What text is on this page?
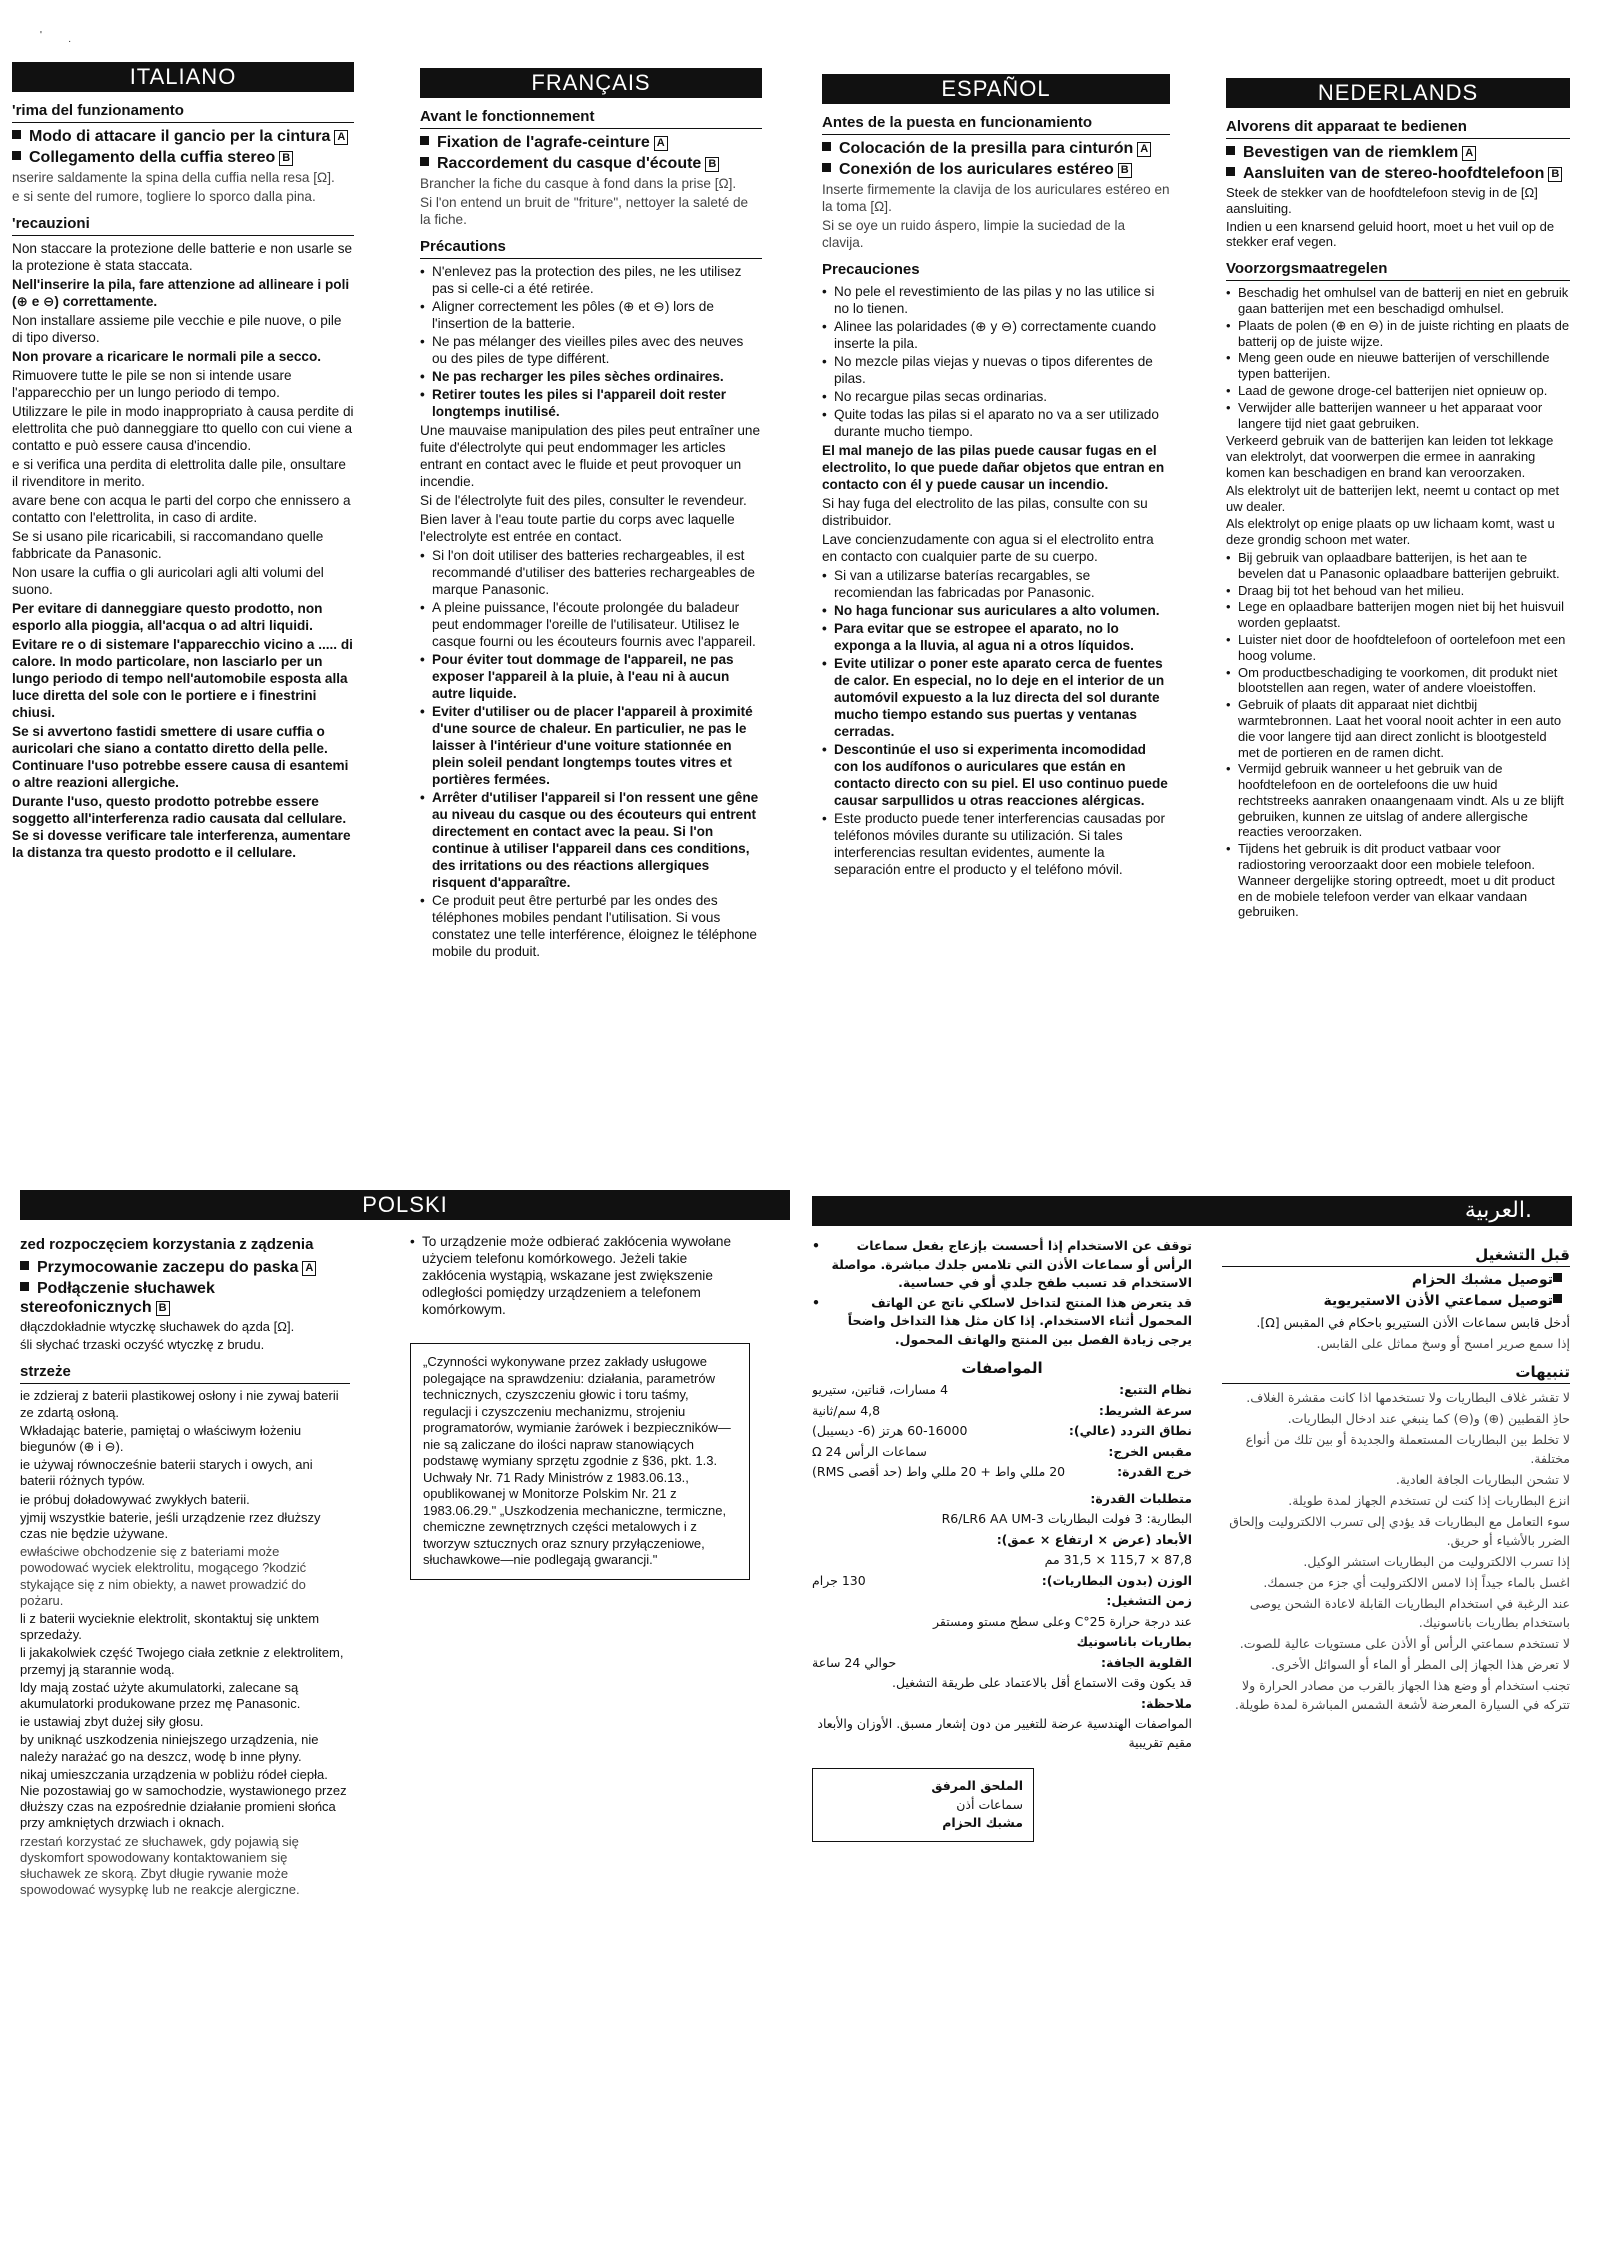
'
·
ITALIANO
'rima del funzionamento
Modo di attacare il gancio per la cintura A
Collegamento della cuffia stereo B
nserire saldamente la spina della cuffia nella resa [Ω].
e si sente del rumore, togliere lo sporco dalla pina.
'recauzioni
Non staccare la protezione delle batterie e non usarle se la protezione è stata staccata.
Nell'inserire la pila, fare attenzione ad allineare i poli (⊕ e ⊖) correttamente.
Non installare assieme pile vecchie e pile nuove, o pile di tipo diverso.
Non provare a ricaricare le normali pile a secco.
Rimuovere tutte le pile se non si intende usare l'apparecchio per un lungo periodo di tempo.
Utilizzare le pile in modo inappropriato à causa perdite di elettrolita che può danneggiare tto quello con cui viene a contatto e può essere causa d'incendio.
e si verifica una perdita di elettrolita dalle pile, onsultare il rivenditore in merito.
avare bene con acqua le parti del corpo che ennissero a contatto con l'elettrolita, in caso di ardite.
Se si usano pile ricaricabili, si raccomandano quelle fabbricate da Panasonic.
Non usare la cuffia o gli auricolari agli alti volumi del suono.
Per evitare di danneggiare questo prodotto, non esporlo alla pioggia, all'acqua o ad altri liquidi.
Evitare re o di sistemare l'apparecchio vicino a ..... di calore. In modo particolare, non lasciarlo per un lungo periodo di tempo nell'automobile esposta alla luce diretta del sole con le portiere e i finestrini chiusi.
Se si avvertono fastidi smettere di usare cuffia o auricolari che siano a contatto diretto della pelle. Continuare l'uso potrebbe essere causa di esantemi o altre reazioni allergiche.
Durante l'uso, questo prodotto potrebbe essere soggetto all'interferenza radio causata dal cellulare. Se si dovesse verificare tale interferenza, aumentare la distanza tra questo prodotto e il cellulare.
FRANÇAIS
Avant le fonctionnement
Fixation de l'agrafe-ceinture A
Raccordement du casque d'écoute B
Brancher la fiche du casque à fond dans la prise [Ω].
Si l'on entend un bruit de "friture", nettoyer la saleté de la fiche.
Précautions
• N'enlevez pas la protection des piles, ne les utilisez pas si celle-ci a été retirée.
• Aligner correctement les pôles (⊕ et ⊖) lors de l'insertion de la batterie.
• Ne pas mélanger des vieilles piles avec des neuves ou des piles de type différent.
• Ne pas recharger les piles sèches ordinaires.
• Retirer toutes les piles si l'appareil doit rester longtemps inutilisé.
Une mauvaise manipulation des piles peut entraîner une fuite d'électrolyte qui peut endommager les articles entrant en contact avec le fluide et peut provoquer un incendie.
Si de l'électrolyte fuit des piles, consulter le revendeur.
Bien laver à l'eau toute partie du corps avec laquelle l'electrolyte est entrée en contact.
• Si l'on doit utiliser des batteries rechargeables, il est recommandé d'utiliser des batteries rechargeables de marque Panasonic.
• A pleine puissance, l'écoute prolongée du baladeur peut endommager l'oreille de l'utilisateur. Utilisez le casque fourni ou les écouteurs fournis avec l'appareil.
• Pour éviter tout dommage de l'appareil, ne pas exposer l'appareil à la pluie, à l'eau ni à aucun autre liquide.
• Eviter d'utiliser ou de placer l'appareil à proximité d'une source de chaleur. En particulier, ne pas le laisser à l'intérieur d'une voiture stationnée en plein soleil pendant longtemps toutes vitres et portières fermées.
• Arrêter d'utiliser l'appareil si l'on ressent une gêne au niveau du casque ou des écouteurs qui entrent directement en contact avec la peau. Si l'on continue à utiliser l'appareil dans ces conditions, des irritations ou des réactions allergiques risquent d'apparaître.
• Ce produit peut être perturbé par les ondes des téléphones mobiles pendant l'utilisation. Si vous constatez une telle interférence, éloignez le téléphone mobile du produit.
ESPAÑOL
Antes de la puesta en funcionamiento
Colocación de la presilla para cinturón A
Conexión de los auriculares estéreo B
Inserte firmemente la clavija de los auriculares estéreo en la toma [Ω].
Si se oye un ruido áspero, limpie la suciedad de la clavija.
Precauciones
• No pele el revestimiento de las pilas y no las utilice si no lo tienen.
• Alinee las polaridades (⊕ y ⊖) correctamente cuando inserte la pila.
• No mezcle pilas viejas y nuevas o tipos diferentes de pilas.
• No recargue pilas secas ordinarias.
• Quite todas las pilas si el aparato no va a ser utilizado durante mucho tiempo.
El mal manejo de las pilas puede causar fugas en el electrolito, lo que puede dañar objetos que entran en contacto con él y puede causar un incendio.
Si hay fuga del electrolito de las pilas, consulte con su distribuidor.
Lave concienzudamente con agua si el electrolito entra en contacto con cualquier parte de su cuerpo.
• Si van a utilizarse baterías recargables, se recomiendan las fabricadas por Panasonic.
• No haga funcionar sus auriculares a alto volumen.
• Para evitar que se estropee el aparato, no lo exponga a la lluvia, al agua ni a otros líquidos.
• Evite utilizar o poner este aparato cerca de fuentes de calor. En especial, no lo deje en el interior de un automóvil expuesto a la luz directa del sol durante mucho tiempo estando sus puertas y ventanas cerradas.
• Descontinúe el uso si experimenta incomodidad con los audífonos o auriculares que están en contacto directo con su piel. El uso continuo puede causar sarpullidos u otras reacciones alérgicas.
• Este producto puede tener interferencias causadas por teléfonos móviles durante su utilización. Si tales interferencias resultan evidentes, aumente la separación entre el producto y el teléfono móvil.
NEDERLANDS
Alvorens dit apparaat te bedienen
Bevestigen van de riemklem A
Aansluiten van de stereo-hoofdtelefoon B
Steek de stekker van de hoofdtelefoon stevig in de [Ω] aansluiting.
Indien u een knarsend geluid hoort, moet u het vuil op de stekker eraf vegen.
Voorzorgsmaatregelen
• Beschadig het omhulsel van de batterij en niet en gebruik gaan batterijen met een beschadigd omhulsel.
• Plaats de polen (⊕ en ⊖) in de juiste richting en plaats de batterij op de juiste wijze.
• Meng geen oude en nieuwe batterijen of verschillende typen batterijen.
• Laad de gewone droge-cel batterijen niet opnieuw op.
• Verwijder alle batterijen wanneer u het apparaat voor langere tijd niet gaat gebruiken.
Verkeerd gebruik van de batterijen kan leiden tot lekkage van elektrolyt, dat voorwerpen die ermee in aanraking komen kan beschadigen en brand kan veroorzaken.
Als elektrolyt uit de batterijen lekt, neemt u contact op met uw dealer.
Als elektrolyt op enige plaats op uw lichaam komt, wast u deze grondig schoon met water.
• Bij gebruik van oplaadbare batterijen, is het aan te bevelen dat u Panasonic oplaadbare batterijen gebruikt.
• Draag bij tot het behoud van het milieu.
• Lege en oplaadbare batterijen mogen niet bij het huisvuil worden geplaatst.
• Luister niet door de hoofdtelefoon of oortelefoon met een hoog volume.
• Om productbeschadiging te voorkomen, dit produkt niet blootstellen aan regen, water of andere vloeistoffen.
• Gebruik of plaats dit apparaat niet dichtbij warmtebronnen. Laat het vooral nooit achter in een auto die voor langere tijd aan direct zonlicht is blootgesteld met de portieren en de ramen dicht.
• Vermijd gebruik wanneer u het gebruik van de hoofdtelefoon en de oortelefoons die uw huid rechtstreeks aanraken onaangenaam vindt. Als u ze blijft gebruiken, kunnen ze uitslag of andere allergische reacties veroorzaken.
• Tijdens het gebruik is dit product vatbaar voor radiostoring veroorzaakt door een mobiele telefoon. Wanneer dergelijke storing optreedt, moet u dit product en de mobiele telefoon verder van elkaar vandaan gebruiken.
POLSKI
zed rozpoczęciem korzystania z ządzenia
Przymocowanie zaczepu do paska A
Podłączenie słuchawek stereofonicznych B
dłączdokładnie wtyczkę słuchawek do ązda [Ω].
śli słychać trzaski oczyść wtyczkę z brudu.
strzeże
ie zdzieraj z baterii plastikowej osłony i nie zywaj baterii ze zdartą osłoną.
Wkładając baterie, pamiętaj o właściwym łożeniu biegunów (⊕ i ⊖).
ie używaj równocześnie baterii starych i owych, ani baterii różnych typów.
ie próbuj doładowywać zwykłych baterii.
yjmij wszystkie baterie, jeśli urządzenie rzez dłuższy czas nie będzie używane.
ewłaściwe obchodzenie się z bateriami może powodować wyciek elektrolitu, mogącego ?kodzić stykające się z nim obiekty, a nawet prowadzić do pożaru.
li z baterii wycieknie elektrolit, skontaktuj się unktem sprzedaży.
li jakakolwiek część Twojego ciała zetknie z elektrolitem, przemyj ją starannie wodą.
ldy mają zostać użyte akumulatorki, zalecane są akumulatorki produkowane przez mę Panasonic.
ie ustawiaj zbyt dużej siły głosu.
by uniknąć uszkodzenia niniejszego urządzenia, nie należy narażać go na deszcz, wodę b inne płyny.
nikaj umieszczania urządzenia w pobliżu ródeł ciepła. Nie pozostawiaj go w samochodzie, wystawionego przez dłuższy czas na ezpośrednie działanie promieni słońca przy amkniętych drzwiach i oknach.
rzestań korzystać ze słuchawek, gdy pojawią się dyskomfort spowodowany kontaktowaniem się słuchawek ze skorą. Zbyt długie rywanie może spowodować wysypkę lub ne reakcje alergiczne.
• To urządzenie może odbierać zakłócenia wywołane użyciem telefonu komórkowego. Jeżeli takie zakłócenia wystąpią, wskazane jest zwiększenie odległości pomiędzy urządzeniem a telefonem komórkowym.
„Czynności wykonywane przez zakłady usługowe polegające na sprawdzeniu: działania, parametrów technicznych, czyszczeniu głowic i toru taśmy, regulacji i czyszczeniu mechanizmu, strojeniu programatorów, wymianie żarówek i bezpieczników—nie są zaliczane do ilości napraw stanowiących podstawę wymiany sprzętu zgodnie z §36, pkt. 1.3. Uchwały Nr. 71 Rady Ministrów z 1983.06.13., opublikowanej w Monitorze Polskim Nr. 21 z 1983.06.29." „Uszkodzenia mechaniczne, termiczne, chemiczne zewnętrznych części metalowych i z tworzyw sztucznych oraz sznury przyłączeniowe, słuchawkowe—nie podlegają gwarancji."
العربية.
قبل التشغيل
توصيل مشبك الحزام
توصيل سماعتي الأذن الاستيريوية
أدخل قابس سماعات الأذن الستيريو باحكام في المقبس [Ω].
إذا سمع صرير امسح أو وسخ مماثل على القابس.
تنبيهات
لا تقشر غلاف البطاريات ولا تستخدمها اذا كانت مقشرة الغلاف.
حاذِ القطبين (⊕) و(⊖) كما ينبغي عند ادخال البطاريات.
لا تخلط بين البطاريات المستعملة والجديدة أو بين تلك من أنواع مختلفة.
لا تشحن البطاريات الجافة العادية.
انزع البطاريات إذا كنت لن تستخدم الجهاز لمدة طويلة.
سوء التعامل مع البطاريات قد يؤدي إلى تسرب الالكتروليت وإلحاق الضرر بالأشياء أو حريق.
إذا تسرب الالكتروليت من البطاريات استشر الوكيل.
اغسل بالماء جيداً إذا لامس الالكتروليت أي جزء من جسمك.
عند الرغبة في استخدام البطاريات القابلة لاعادة الشحن يوصى باستخدام بطاريات باناسونيك.
لا تستخدم سماعتي الرأس أو الأذن على مستويات عالية للصوت.
لا تعرض هذا الجهاز إلى المطر أو الماء أو السوائل الأخرى.
تجنب استخدام أو وضع هذا الجهاز بالقرب من مصادر الحرارة ولا تتركه في السيارة المعرضة لأشعة الشمس المباشرة لمدة طويلة.
• توقف عن الاستخدام إذا أحسست بإزعاج بفعل سماعات الرأس أو سماعات الأذن التي تلامس جلدك مباشرة. مواصلة الاستخدام قد تسبب طفح جلدي أو في حساسية.
• قد يتعرض هذا المنتج لتداخل لاسلكي ناتج عن الهاتف المحمول أثناء الاستخدام. إذا كان مثل هذا التداخل واضحاً يرجى زيادة الفصل بين المنتج والهاتف المحمول.
المواصفات
نظام التتبع:
4 مسارات، قناتين، ستيريو
سرعة الشريط:
4,8 سم/ثانية
نطاق التردد (عالي):
60-16000 هرتز (6- ديسيبل)
مقبس الخرج:
سماعات الرأس 24 Ω
خرج القدرة:
20 مللي واط + 20 مللي واط (حد أقصى RMS)
متطلبات القدرة:
البطارية: 3 فولت البطاريات R6/LR6 AA UM-3
الأبعاد (عرض × ارتفاع × عمق):
87,8 × 115,7 × 31,5 مم
الوزن (بدون البطاريات):
130 جرام
زمن التشغيل:
عند درجة حرارة 25°C وعلى سطح مستو ومستقر
بطاريات باناسونيك
القلوية الجافة:
حوالي 24 ساعة
قد يكون وقت الاستماع أقل بالاعتماد على طريقة التشغيل.
ملاحظة:
المواصفات الهندسية عرضة للتغيير من دون إشعار مسبق. الأوزان والأبعاد مقيم تقريبية
الملحق المرفق
سماعات أذن
مشبك الحزام
